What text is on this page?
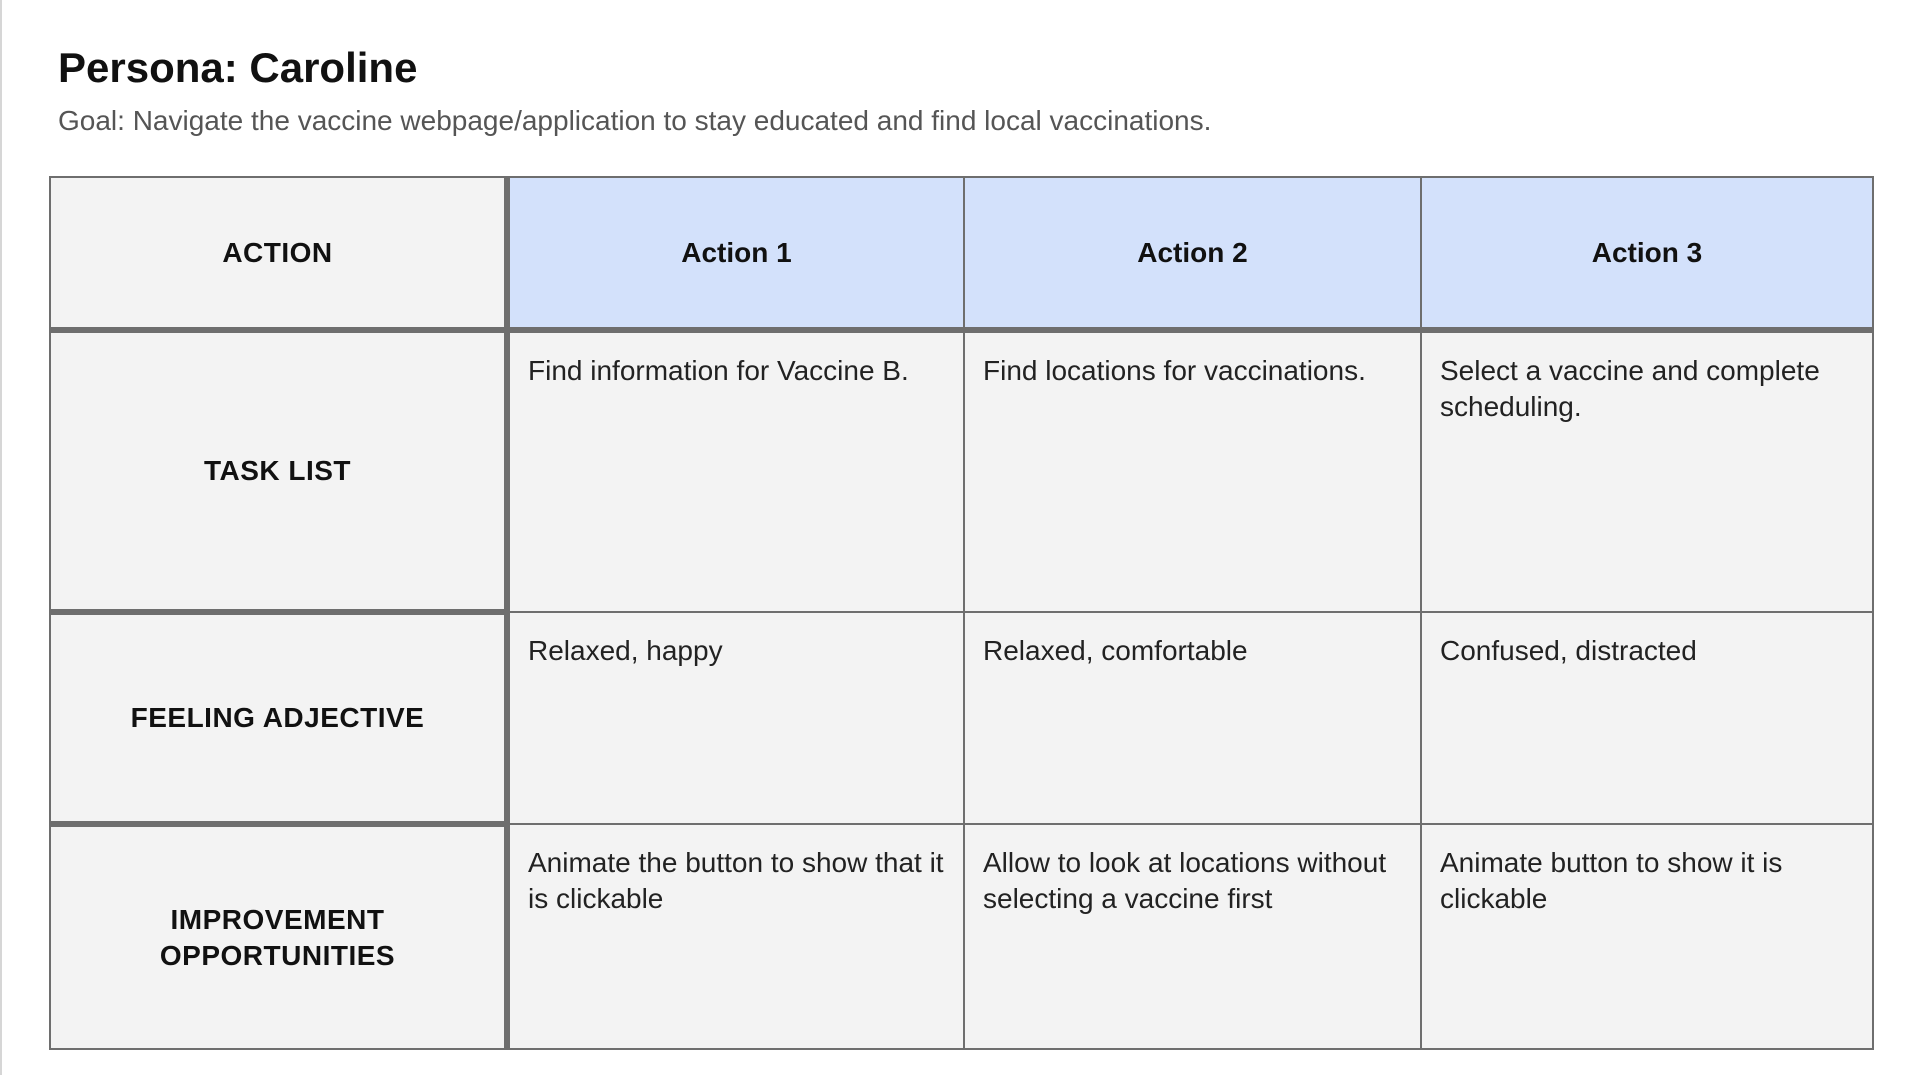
Persona: Caroline
Goal: Navigate the vaccine webpage/application to stay educated and find local vaccinations.
ACTION	Action 1	Action 2	Action 3
TASK LIST	Find information for Vaccine B.	Find locations for vaccinations.	Select a vaccine and complete scheduling.
FEELING ADJECTIVE	Relaxed, happy	Relaxed, comfortable	Confused, distracted
IMPROVEMENT OPPORTUNITIES	Animate the button to show that it is clickable	Allow to look at locations without selecting a vaccine first	Animate button to show it is clickable
